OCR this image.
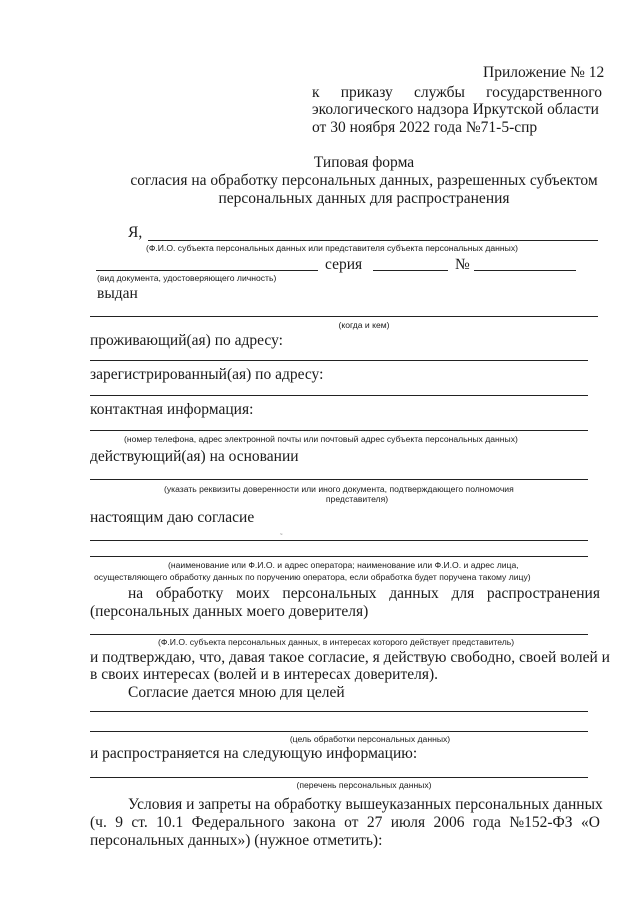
Приложение № 12
к приказу службы государственного
экологического надзора Иркутской области
от 30 ноября 2022 года №71-5-спр
Типовая форма
согласия на обработку персональных данных, разрешенных субъектом
персональных данных для распространения
Я,
(Ф.И.О. субъекта персональных данных или представителя субъекта персональных данных)
серия	№
(вид документа, удостоверяющего личность)
выдан
(когда и кем)
проживающий(ая) по адресу:
зарегистрированный(ая) по адресу:
контактная информация:
(номер телефона, адрес электронной почты или почтовый адрес субъекта персональных данных)
действующий(ая) на основании
(указать реквизиты доверенности или иного документа, подтверждающего полномочия
представителя)
настоящим даю согласие
˜
(наименование или Ф.И.О. и адрес оператора; наименование или Ф.И.О. и адрес лица,
осуществляющего обработку данных по поручению оператора, если обработка будет поручена такому лицу)
на обработку моих персональных данных для распространения
(персональных данных моего доверителя)
(Ф.И.О. субъекта персональных данных, в интересах которого действует представитель)
и подтверждаю, что, давая такое согласие, я действую свободно, своей волей и
в своих интересах (волей и в интересах доверителя).
Согласие дается мною для целей
(цель обработки персональных данных)
и распространяется на следующую информацию:
(перечень персональных данных)
Условия и запреты на обработку вышеуказанных персональных данных
(ч. 9 ст. 10.1 Федерального закона от 27 июля 2006 года №152-ФЗ «О
персональных данных») (нужное отметить):
